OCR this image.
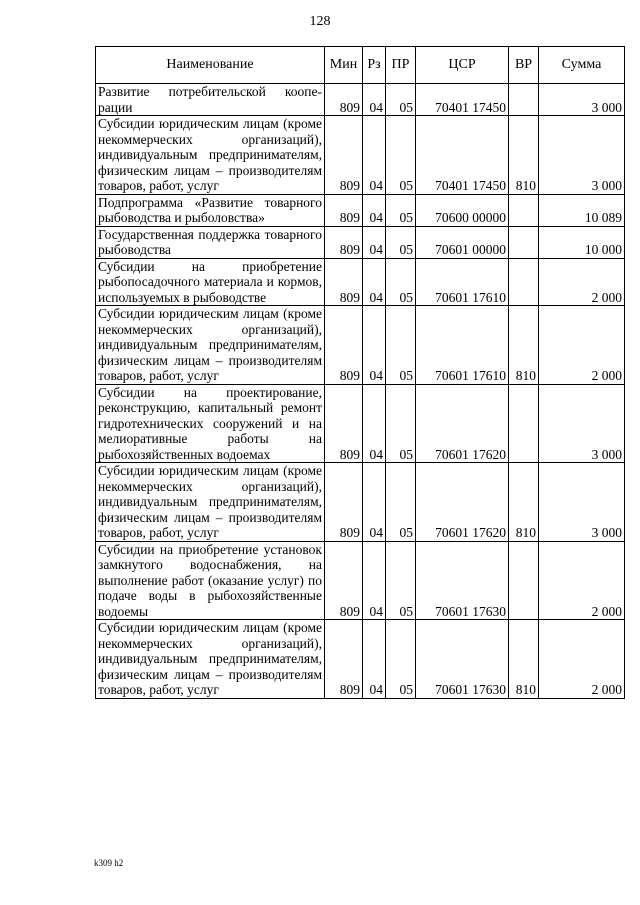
128
Наименование	Мин	Рз	ПР	ЦСР	ВР	Сумма
Развитие потребительской коопе-рации	809	04	05	70401 17450		3 000
Субсидии юридическим лицам (кроме некоммерческих организаций), индивидуальным предпринимателям, физическим лицам – производителям товаров, работ, услуг	809	04	05	70401 17450	810	3 000
Подпрограмма «Развитие товарного рыбоводства и рыболовства»	809	04	05	70600 00000		10 089
Государственная поддержка товарного рыбоводства	809	04	05	70601 00000		10 000
Субсидии на приобретение рыбопосадочного материала и кормов, используемых в рыбоводстве	809	04	05	70601 17610		2 000
Субсидии юридическим лицам (кроме некоммерческих организаций), индивидуальным предпринимателям, физическим лицам – производителям товаров, работ, услуг	809	04	05	70601 17610	810	2 000
Субсидии на проектирование, реконструкцию, капитальный ремонт гидротехнических сооружений и на мелиоративные работы на рыбохозяйственных водоемах	809	04	05	70601 17620		3 000
Субсидии юридическим лицам (кроме некоммерческих организаций), индивидуальным предпринимателям, физическим лицам – производителям товаров, работ, услуг	809	04	05	70601 17620	810	3 000
Субсидии на приобретение установок замкнутого водоснабжения, на выполнение работ (оказание услуг) по подаче воды в рыбохозяйственные водоемы	809	04	05	70601 17630		2 000
Субсидии юридическим лицам (кроме некоммерческих организаций), индивидуальным предпринимателям, физическим лицам – производителям товаров, работ, услуг	809	04	05	70601 17630	810	2 000
k309 h2
